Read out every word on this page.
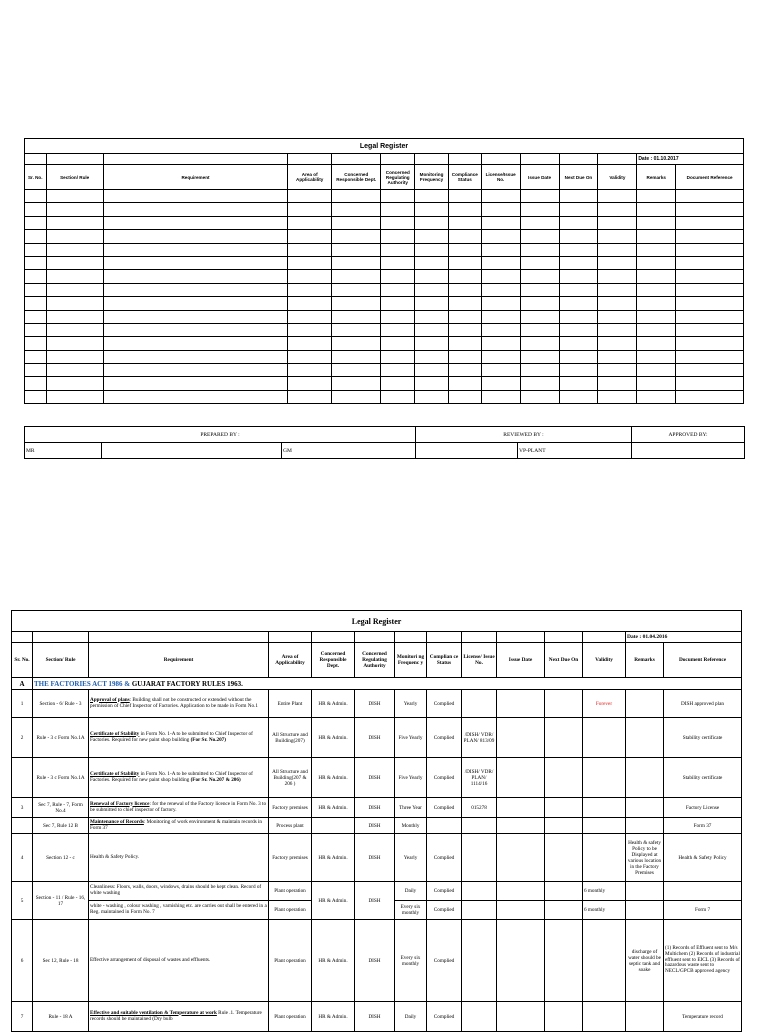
Legal Register													
												Date : 01.10.2017	
Sr. No.	Section/ Rule	Requirement	Area of Applicability	Concerned Responsible Dept.	Concerned Regulating Authority	Monitoring Frequency	Compliance Status	License/Issue No.	Issue Date	Next Due On	Validity	Remarks	Document Reference

PREPARED BY :			REVIEWED BY :		APPROVED BY:
MR		GM		VP-PLANT	
Legal Register													
												Date : 01.04.2016	
Sr. No.	Section/ Rule	Requirement	Area of Applicability	Concerned Responsible Dept.	Concerned Regulating Authority	Monitori ng Frequenc y	Complian ce Status	License/ Issue No.	Issue Date	Next Due On	Validity	Remarks	Document Reference
A	THE FACTORIES ACT 1986 & GUJARAT FACTORY RULES 1963.												
1	Section - 6/ Rule - 3	Approval of plans: Building shall not be constructed or extended without the permission of Chief Inspector of Factories. Application to be made in Form No.1	Entire Plant	HR & Admin.	DISH	Yearly	Complied				Forever		DISH approved plan
2	Rule - 3 c Form No.1A	Certificate of Stability in Form No. 1-A to be submitted to Chief Inspector of Factories. Required for new paint shop building (For Sr. No.207)	All Structure and Building(207)	HR & Admin.	DISH	Five Yearly	Complied	/DISH/ VDR/ PLAN/ 813/09					Stability certificate
	Rule - 3 c Form No.1A	Certificate of Stability in Form No. 1-A to be submitted to Chief Inspector of Factories. Required for new paint shop building (For Sr. No.207 & 206)	All Structure and Building(207 & 206 )	HR & Admin.	DISH	Five Yearly	Complied	/DISH/ VDR/ PLAN/ 1114/16					Stability certificate
3	Sec 7, Rule - 7, Form No.4	Renewal of Factory licence: for the renewal of the Factory licence in Form No. 3 to be submitted to chief inspector of factory.	Factory premises	HR & Admin.	DISH	Three Year	Complied	015278					Factory License
	Sec 7, Rule 12 B	Maintenance of Records: Monitoring of work environment & maintain records in Form 37	Process plant		DISH	Monthly							Form 37
4	Section 12 - c	Health & Safety Policy.	Factory premises	HR & Admin.	DISH	Yearly	Complied					Health & safety Policy to be Displayed at various location in the Factory Premises	Health & Safety Policy
5	Section - 11 / Rule - 16, 17	Cleanliness: Floors, walls, doors, windows, drains should be kept clean. Record of white washing	Plant operation	HR & Admin.	DISH	Daily	Complied				6 monthly		
		white - washing , colour washing , varnishing etc. are carries out shall be entered in a Reg. maintained in Form No. 7	Plant operation			Every six monthly	Complied				6 monthly		Form 7
6	Sec 12, Rule - 18	Effective arrangement of disposal of wastes and effluents.	Plant operation	HR & Admin.	DISH	Every six monthly	Complied					discharge of water should be septic tank and soake	(1) Records of Effluent sent to M/s Multichem (2) Records of industrial effluent sent to EICL (3) Records of hazardous waste sent to NECL/GPCB approved agency
7	Rule - 18 A	Effective and suitable ventilation & Temperature at work Rule .1. Temperature records should be maintained (Dry bulb	Plant operation	HR & Admin.	DISH	Daily	Complied						Temperature record
